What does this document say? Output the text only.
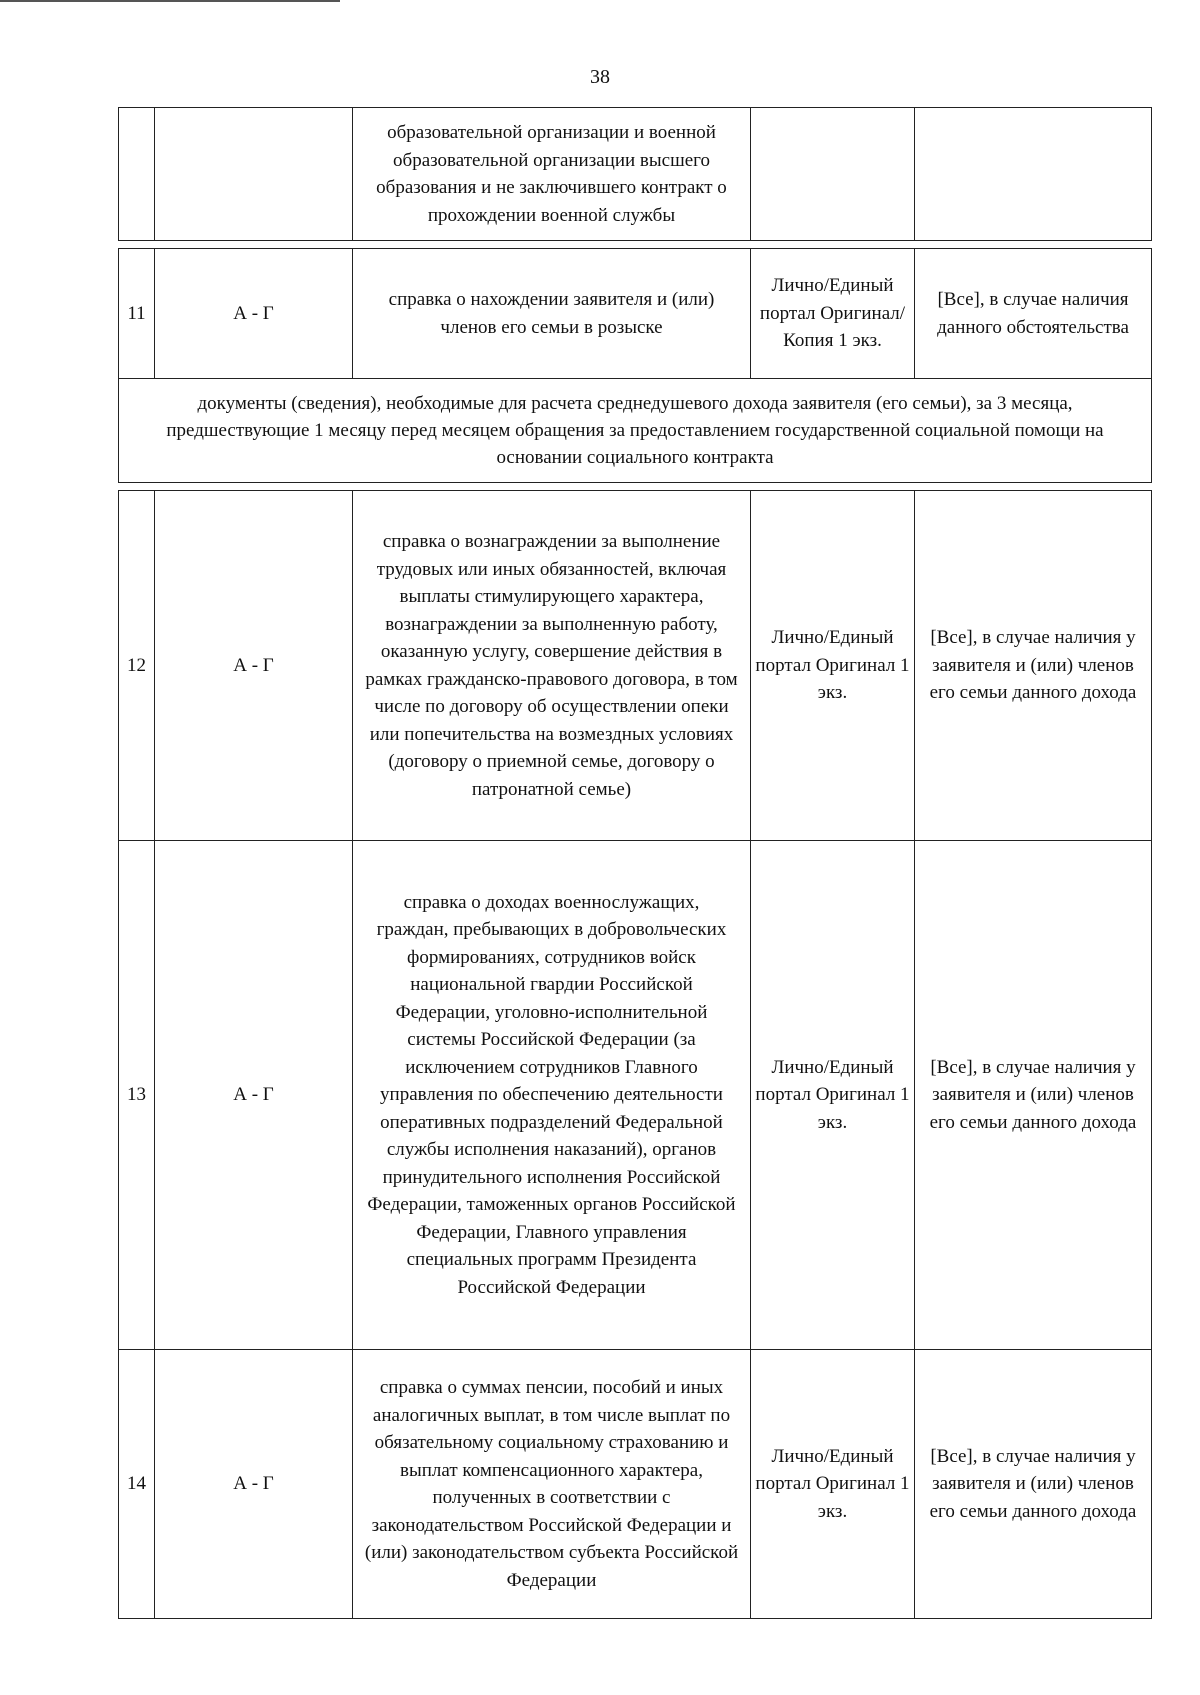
38
		образовательной организации и военной образовательной организации высшего образования и не заключившего контракт о прохождении военной службы		

11	А - Г	справка о нахождении заявителя и (или) членов его семьи в розыске	Лично/Единый портал Оригинал/Копия 1 экз.	[Все], в случае наличия данного обстоятельства
документы (сведения), необходимые для расчета среднедушевого дохода заявителя (его семьи), за 3 месяца, предшествующие 1 месяцу перед месяцем обращения за предоставлением государственной социальной помощи на основании социального контракта				

12	А - Г	справка о вознаграждении за выполнение трудовых или иных обязанностей, включая выплаты стимулирующего характера, вознаграждении за выполненную работу, оказанную услугу, совершение действия в рамках гражданско-правового договора, в том числе по договору об осуществлении опеки или попечительства на возмездных условиях (договору о приемной семье, договору о патронатной семье)	Лично/Единый портал Оригинал 1 экз.	[Все], в случае наличия у заявителя и (или) членов его семьи данного дохода
13	А - Г	справка о доходах военнослужащих, граждан, пребывающих в добровольческих формированиях, сотрудников войск национальной гвардии Российской Федерации, уголовно-исполнительной системы Российской Федерации (за исключением сотрудников Главного управления по обеспечению деятельности оперативных подразделений Федеральной службы исполнения наказаний), органов принудительного исполнения Российской Федерации, таможенных органов Российской Федерации, Главного управления специальных программ Президента Российской Федерации	Лично/Единый портал Оригинал 1 экз.	[Все], в случае наличия у заявителя и (или) членов его семьи данного дохода
14	А - Г	справка о суммах пенсии, пособий и иных аналогичных выплат, в том числе выплат по обязательному социальному страхованию и выплат компенсационного характера, полученных в соответствии с законодательством Российской Федерации и (или) законодательством субъекта Российской Федерации	Лично/Единый портал Оригинал 1 экз.	[Все], в случае наличия у заявителя и (или) членов его семьи данного дохода
